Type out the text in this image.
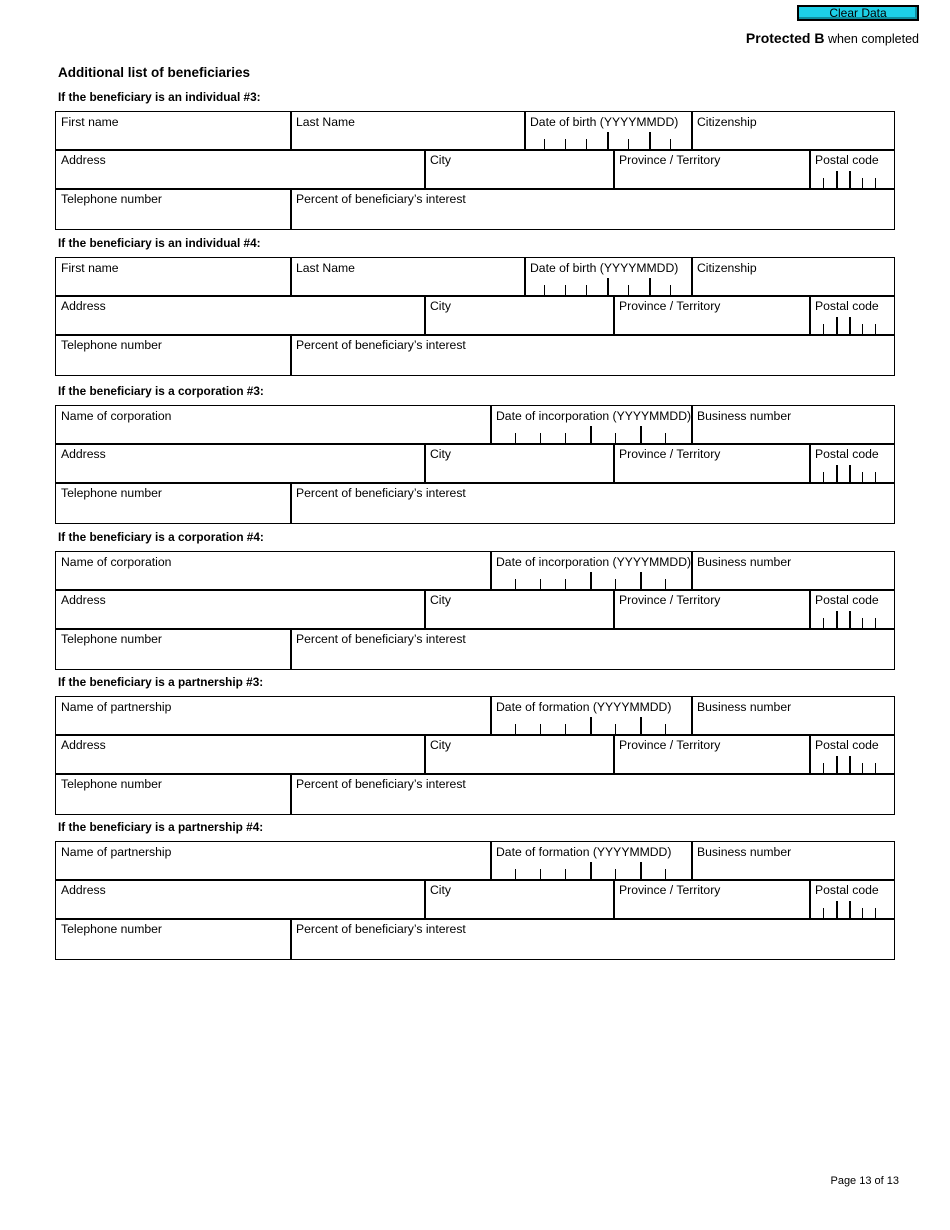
Clear Data
Protected B when completed
Additional list of beneficiaries
If the beneficiary is an individual #3:
First name	Last Name	Date of birth (YYYYMMDD) Citizenship
Address	City	Province / Territory	Postal code
Telephone number	Percent of beneficiary’s interest
If the beneficiary is an individual #4:
First name	Last Name	Date of birth (YYYYMMDD) Citizenship
Address	City	Province / Territory	Postal code
Telephone number	Percent of beneficiary’s interest
If the beneficiary is a corporation #3:
Name of corporation	Date of incorporation (YYYYMMDD) Business number
Address	City	Province / Territory	Postal code
Telephone number	Percent of beneficiary’s interest
If the beneficiary is a corporation #4:
Name of corporation	Date of incorporation (YYYYMMDD) Business number
Address	City	Province / Territory	Postal code
Telephone number	Percent of beneficiary’s interest
If the beneficiary is a partnership #3:
Name of partnership	Date of formation (YYYYMMDD) Business number
Address	City	Province / Territory	Postal code
Telephone number	Percent of beneficiary’s interest
If the beneficiary is a partnership #4:
Name of partnership	Date of formation (YYYYMMDD) Business number
Address	City	Province / Territory	Postal code
Telephone number	Percent of beneficiary’s interest
Page 13 of 13
